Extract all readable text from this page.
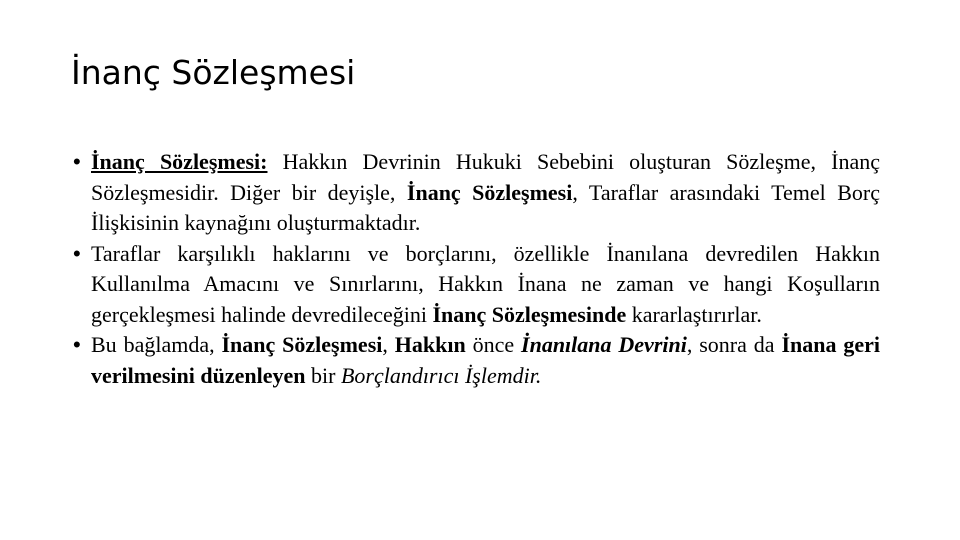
İnanç Sözleşmesi
• İnanç Sözleşmesi: Hakkın Devrinin Hukuki Sebebini oluşturan Sözleşme, İnanç Sözleşmesidir. Diğer bir deyişle, İnanç Sözleşmesi, Taraflar arasındaki Temel Borç İlişkisinin kaynağını oluşturmaktadır.
• Taraflar karşılıklı haklarını ve borçlarını, özellikle İnanılana devredilen Hakkın Kullanılma Amacını ve Sınırlarını, Hakkın İnana ne zaman ve hangi Koşulların gerçekleşmesi halinde devredileceğini İnanç Sözleşmesinde kararlaştırırlar.
• Bu bağlamda, İnanç Sözleşmesi, Hakkın önce İnanılana Devrini, sonra da İnana geri verilmesini düzenleyen bir Borçlandırıcı İşlemdir.
